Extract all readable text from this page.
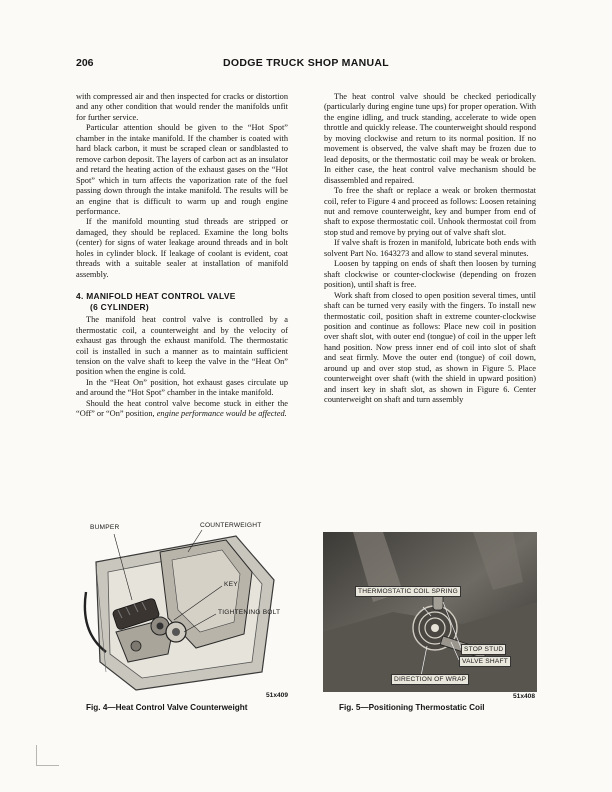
206	DODGE TRUCK SHOP MANUAL

with compressed air and then inspected for cracks or distortion and any other condition that would render the manifolds unfit for further service.

Particular attention should be given to the “Hot Spot” chamber in the intake manifold. If the chamber is coated with hard black carbon, it must be scraped clean or sandblasted to remove carbon deposit. The layers of carbon act as an insulator and retard the heating action of the exhaust gases on the “Hot Spot” which in turn affects the vaporization rate of the fuel passing down through the intake manifold. The results will be an engine that is difficult to warm up and rough engine performance.

If the manifold mounting stud threads are stripped or damaged, they should be replaced. Examine the long bolts (center) for signs of water leakage around threads and in bolt holes in cylinder block. If leakage of coolant is evident, coat threads with a suitable sealer at installation of manifold assembly.

4. MANIFOLD HEAT CONTROL VALVE
(6 CYLINDER)

The manifold heat control valve is controlled by a thermostatic coil, a counterweight and by the velocity of exhaust gas through the exhaust manifold. The thermostatic coil is installed in such a manner as to maintain sufficient tension on the valve shaft to keep the valve in the “Heat On” position when the engine is cold.

In the “Heat On” position, hot exhaust gases circulate up and around the “Hot Spot” chamber in the intake manifold.

Should the heat control valve become stuck in either the “Off” or “On” position, engine performance would be affected.

The heat control valve should be checked periodically (particularly during engine tune ups) for proper operation. With the engine idling, and truck standing, accelerate to wide open throttle and quickly release. The counterweight should respond by moving clockwise and return to its normal position. If no movement is observed, the valve shaft may be frozen due to lead deposits, or the thermostatic coil may be weak or broken. In either case, the heat control valve mechanism should be disassembled and repaired.

To free the shaft or replace a weak or broken thermostat coil, refer to Figure 4 and proceed as follows: Loosen retaining nut and remove counterweight, key and bumper from end of shaft to expose thermostatic coil. Unhook thermostat coil from stop stud and remove by prying out of valve shaft slot.

If valve shaft is frozen in manifold, lubricate both ends with solvent Part No. 1643273 and allow to stand several minutes.

Loosen by tapping on ends of shaft then loosen by turning shaft clockwise or counter-clockwise (depending on frozen position), until shaft is free.

Work shaft from closed to open position several times, until shaft can be turned very easily with the fingers. To install new thermostatic coil, position shaft in extreme counter-clockwise position and continue as follows: Place new coil in position over shaft slot, with outer end (tongue) of coil in the upper left hand position. Now press inner end of coil into slot of shaft and seat firmly. Move the outer end (tongue) of coil down, around up and over stop stud, as shown in Figure 5. Place counterweight over shaft (with the shield in upward position) and insert key in shaft slot, as shown in Figure 6. Center counterweight on shaft and turn assembly

BUMPER	COUNTERWEIGHT
KEY
TIGHTENING BOLT
51x409
Fig. 4—Heat Control Valve Counterweight
THERMOSTATIC COIL SPRING
STOP STUD
VALVE SHAFT
DIRECTION OF WRAP
51x408
Fig. 5—Positioning Thermostatic Coil
